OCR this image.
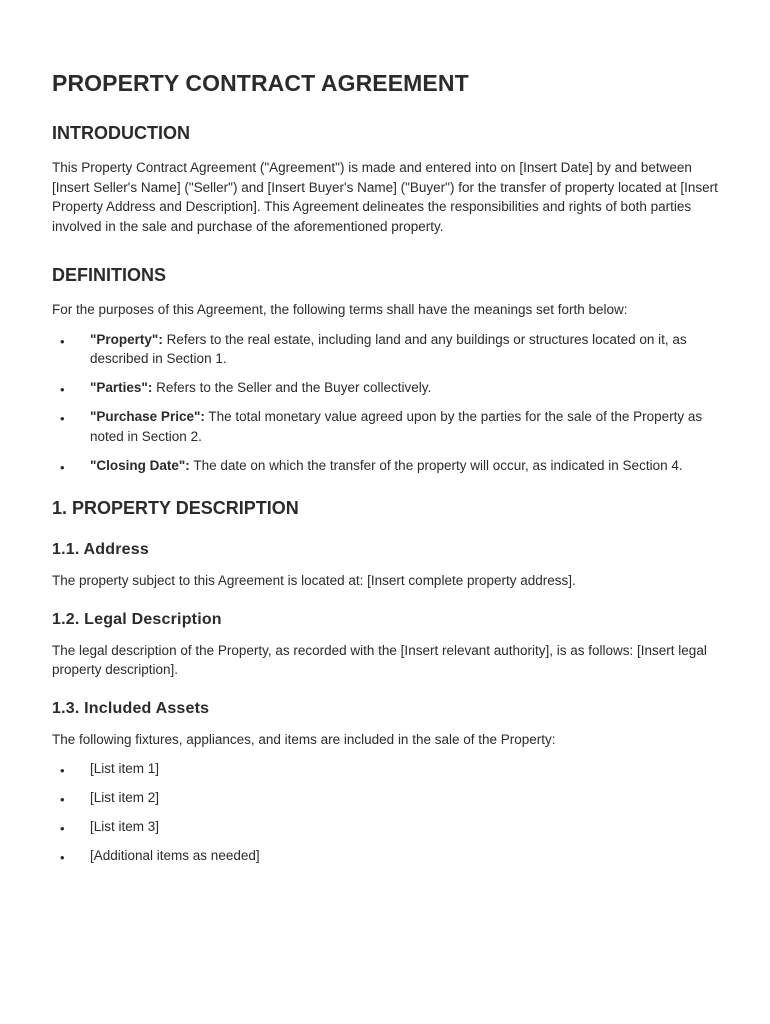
PROPERTY CONTRACT AGREEMENT
INTRODUCTION

This Property Contract Agreement ("Agreement") is made and entered into on [Insert Date] by and between [Insert Seller's Name] ("Seller") and [Insert Buyer's Name] ("Buyer") for the transfer of property located at [Insert Property Address and Description]. This Agreement delineates the responsibilities and rights of both parties involved in the sale and purchase of the aforementioned property.

DEFINITIONS

For the purposes of this Agreement, the following terms shall have the meanings set forth below:

• "Property": Refers to the real estate, including land and any buildings or structures located on it, as described in Section 1.
• "Parties": Refers to the Seller and the Buyer collectively.
• "Purchase Price": The total monetary value agreed upon by the parties for the sale of the Property as noted in Section 2.
• "Closing Date": The date on which the transfer of the property will occur, as indicated in Section 4.
1. PROPERTY DESCRIPTION
1.1. Address

The property subject to this Agreement is located at: [Insert complete property address].

1.2. Legal Description

The legal description of the Property, as recorded with the [Insert relevant authority], is as follows: [Insert legal property description].

1.3. Included Assets

The following fixtures, appliances, and items are included in the sale of the Property:

• [List item 1]
• [List item 2]
• [List item 3]
• [Additional items as needed]
